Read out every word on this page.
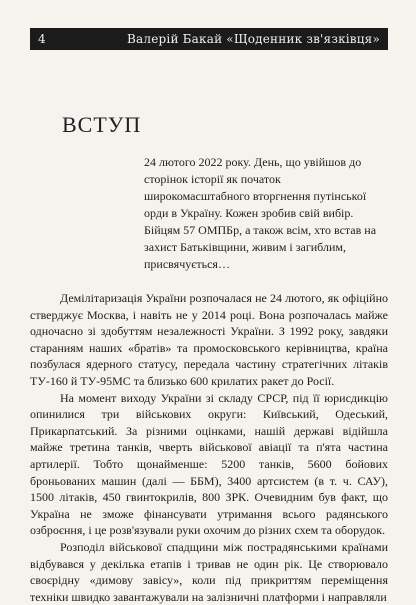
4	Валерій Бакай «Щоденник зв'язківця»
ВСТУП

24 лютого 2022 року. День, що увійшов до сторінок історії як початок широкомасштабного вторгнення путінської орди в Україну. Кожен зробив свій вибір. Бійцям 57 ОМПБр, а також всім, хто встав на захист Батьківщини, живим і загиблим, присвячується…

Демілітаризація України розпочалася не 24 лютого, як офіційно стверджує Москва, і навіть не у 2014 році. Вона розпочалась майже одночасно зі здобуттям незалежності України. З 1992 року, завдяки стараниям наших «братів» та промосковського керівництва, країна позбулася ядерного статусу, передала частину стратегічних літаків ТУ-160 й ТУ-95МС та близько 600 крилатих ракет до Росії.

На момент виходу України зі складу СРСР, під її юрисдикцію опинилися три військових округи: Київський, Одеський, Прикарпатський. За різними оцінками, нашій державі відійшла майже третина танків, чверть військової авіації та п'ята частина артилерії. Тобто щонайменше: 5200 танків, 5600 бойових броньованих машин (далі — ББМ), 3400 артсистем (в т. ч. САУ), 1500 літаків, 450 гвинтокрилів, 800 ЗРК. Очевидним був факт, що Україна не зможе фінансувати утримання всього радянського озброєння, і це розв'язували руки охочим до різних схем та оборудок.

Розподіл військової спадщини між пострадянськими країнами відбувався у декілька етапів і тривав не один рік. Це створювало своєрідну «димову завісу», коли під прикриттям переміщення техніки швидко завантажували на залізничні платформи і направляли
